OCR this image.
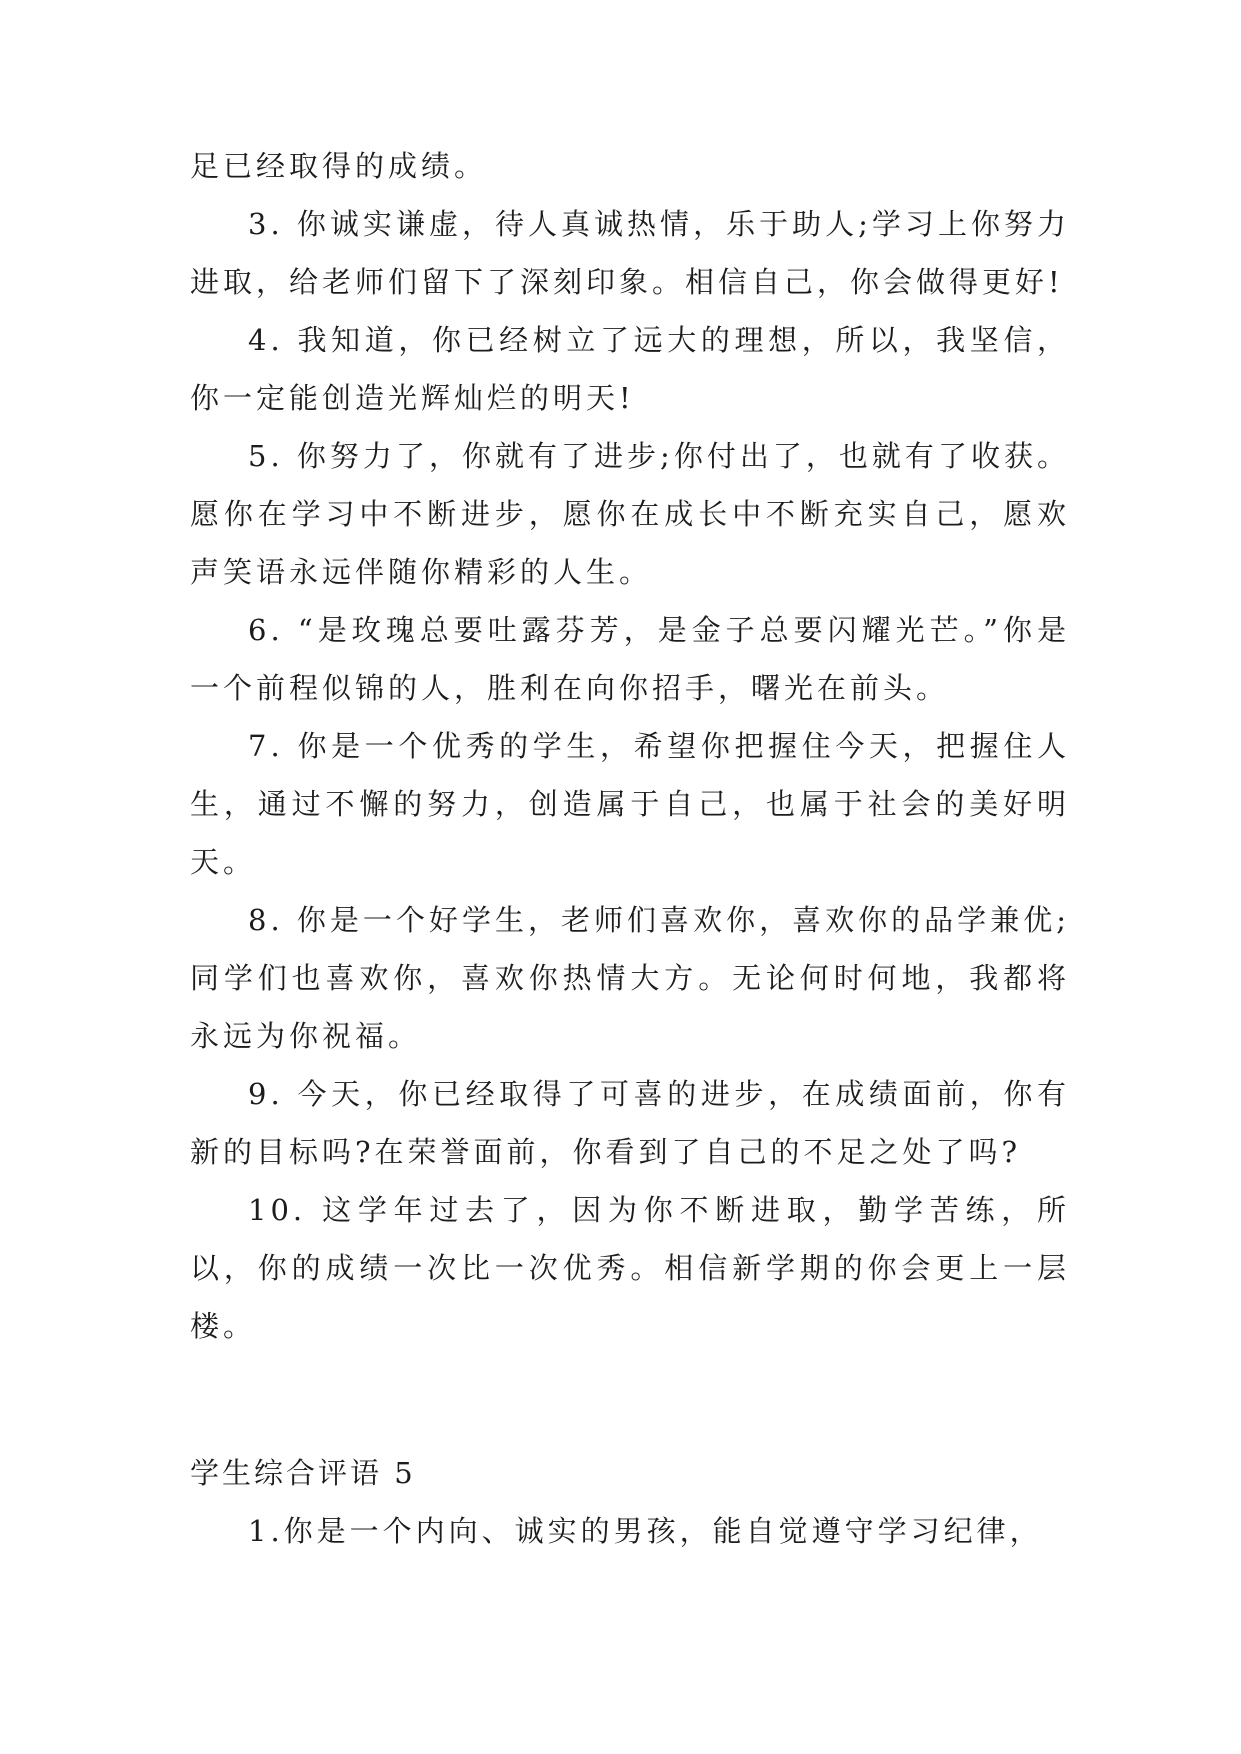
足已经取得的成绩。

3. 你诚实谦虚，待人真诚热情，乐于助人;学习上你努力进取，给老师们留下了深刻印象。相信自己，你会做得更好!

4. 我知道，你已经树立了远大的理想，所以，我坚信，你一定能创造光辉灿烂的明天!

5. 你努力了，你就有了进步;你付出了，也就有了收获。愿你在学习中不断进步，愿你在成长中不断充实自己，愿欢声笑语永远伴随你精彩的人生。

6. “是玫瑰总要吐露芬芳，是金子总要闪耀光芒。”你是一个前程似锦的人，胜利在向你招手，曙光在前头。

7. 你是一个优秀的学生，希望你把握住今天，把握住人生，通过不懈的努力，创造属于自己，也属于社会的美好明天。

8. 你是一个好学生，老师们喜欢你，喜欢你的品学兼优;同学们也喜欢你，喜欢你热情大方。无论何时何地，我都将永远为你祝福。

9. 今天，你已经取得了可喜的进步，在成绩面前，你有新的目标吗?在荣誉面前，你看到了自己的不足之处了吗?

10. 这学年过去了，因为你不断进取，勤学苦练，所以，你的成绩一次比一次优秀。相信新学期的你会更上一层楼。

学生综合评语 5

1.你是一个内向、诚实的男孩，能自觉遵守学习纪律，
